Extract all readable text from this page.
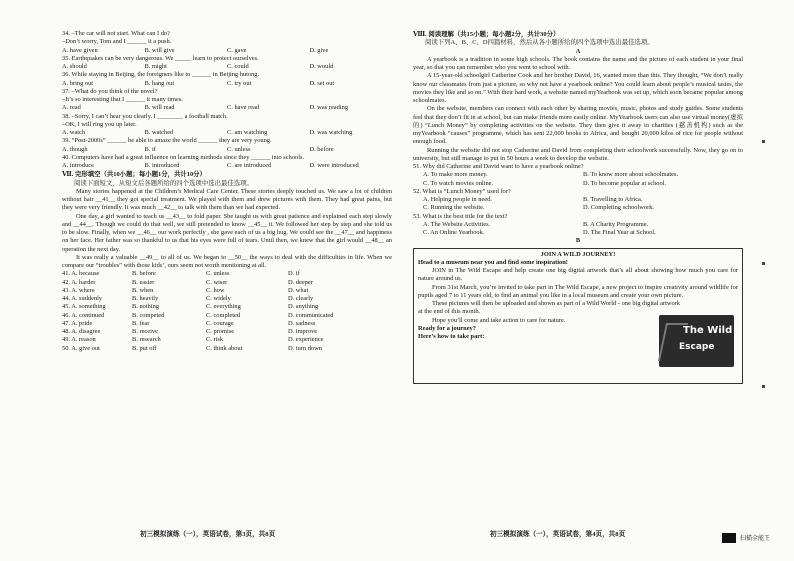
34. –The car will not start. What can I do?
–Don’t worry, Tom and I ______ it a push.
A. have given	B. will give	C. gave	D. give
35. Earthquakes can be very dangerous. We _____ learn to protect ourselves.
A. should	B. might	C. could	D. would
36. While staying in Beijing, the foreigners like to ______ in Beijing hutong.
A. bring out	B. hang out	C. try out	D. set out
37. –What do you think of the novel?
–It’s so interesting that I ______ it many times.
A. read	B. will read	C. have read	D. was reading
38. –Sorry, I can’t hear you clearly. I ________ a football match.
–OK, I will ring you up later.
A. watch	B. watched	C. am watching	D. was watching
39. “Post-2000s” ______ be able to amaze the world ______ they are very young.
A. though	B. if	C. unless	D. before
40. Computers have had a great influence on learning methods since they ______ into schools.
A. introduce	B. introduced	C. are introduced	D. were introduced
Ⅶ. 完形填空（共10小题；每小题1分，共计10分）
阅读下面短文，从短文后各题所给的四个选项中选出最佳选项。
Many stories happened at the Children’s Medical Care Center. These stories deeply touched us. We saw a lot of children without hair __41__ they got special treatment. We played with them and drew pictures with them. They had great pains, but they were very friendly. It was much __42__ to talk with them than we had expected.
One day, a girl wanted to teach us __43__ to fold paper. She taught us with great patience and explained each step slowly and __44__. Though we could do that well, we still pretended to know __45__ it. We followed her step by step and she told us to be slow. Finally, when we __46__ our work perfectly , she gave each of us a big hug. We could see the __47__ and happiness on her face. Her father was so thankful to us that his eyes were full of tears. Until then, we knew that the girl would __48__ an operation the next day.
It was really a valuable __49__ to all of us. We began to __50__ the ways to deal with the difficulties in life. When we compare our “troubles” with those kids’, ours seem not worth mentioning at all.
41. A. because	B. before	C. unless	D. if
42. A. harder	B. easier	C. wiser	D. deeper
43. A. where	B. when	C. how	D. what
44. A. suddenly	B. heavily	C. widely	D. clearly
45. A. something	B. nothing	C. everything	D. anything
46. A. continued	B. competed	C. completed	D. communicated
47. A. pride	B. fear	C. courage	D. sadness
48. A. disagree	B. receive	C. promise	D. improve
49. A. reason	B. research	C. risk	D. experience
50. A. give out	B. put off	C. think about	D. turn down
初三模拟演练（一），英语试卷，第3页，共8页
Ⅷ. 阅读理解（共15小题；每小题2分，共计30分）
阅读下列A、B、C、D四篇材料，然后从各小题所给的四个选项中选出最佳选项。
A
A yearbook is a tradition in some high schools. The book contains the name and the picture of each student in your final year, so that you can remember who you went to school with.
A 15-year-old schoolgirl Catherine Cook and her brother David, 16, wanted more than this. They thought, “We don’t really know our classmates from just a picture, so why not have a yearbook online? You could learn about people’s musical tastes, the movies they like and so on.” With their hard work, a website named myYearbook was set up, which soon became popular among schoolmates.
On the website, members can connect with each other by sharing movies, music, photos and study guides. Some students feel that they don’t fit in at school, but can make friends more easily online. MyYearbook users can also use virtual money(虚拟的) “Lunch Money” by completing activities on the website. They then give it away to charities (慈善机构) such as the myYearbook “causes” programme, which has sent 22,000 books to Africa, and bought 20,000 kilos of rice for people without enough food.
Running the website did not stop Catherine and David from completing their schoolwork successfully. Now, they go on to university, but still manage to put in 50 hours a week to develop the website.
51. Why did Catherine and David want to have a yearbook online?
A. To make more money.	B. To know more about schoolmates.
C. To watch movies online.	D. To become popular at school.
52. What is “Lunch Money” used for?
A. Helping people in need.	B. Travelling to Africa.
C. Running the website.	D. Completing schoolwork.
53. What is the best title for the text?
A. The Website Activities.	B. A Charity Programme.
C. An Online Yearbook.	D. The Final Year at School.
B
JOIN A WILD JOURNEY!
Head to a museum near you and find some inspiration!
JOIN in The Wild Escape and help create one big digital artwork that’s all about showing how much you care for nature around us.
From 31st March, you’re invited to take part in The Wild Escape, a new project to inspire creativity around wildlife for pupils aged 7 to 11 years old, to find an animal you like in a local museum and create your own picture.
These pictures will then be uploaded and shown as part of a Wild World - one big digital artwork at the end of this month.
Hope you’ll come and take action to care for nature.
Ready for a journey?
Here’s how to take part:
The Wild
Escape
初三模拟演练（一），英语试卷，第4页，共8页
扫描全能王
